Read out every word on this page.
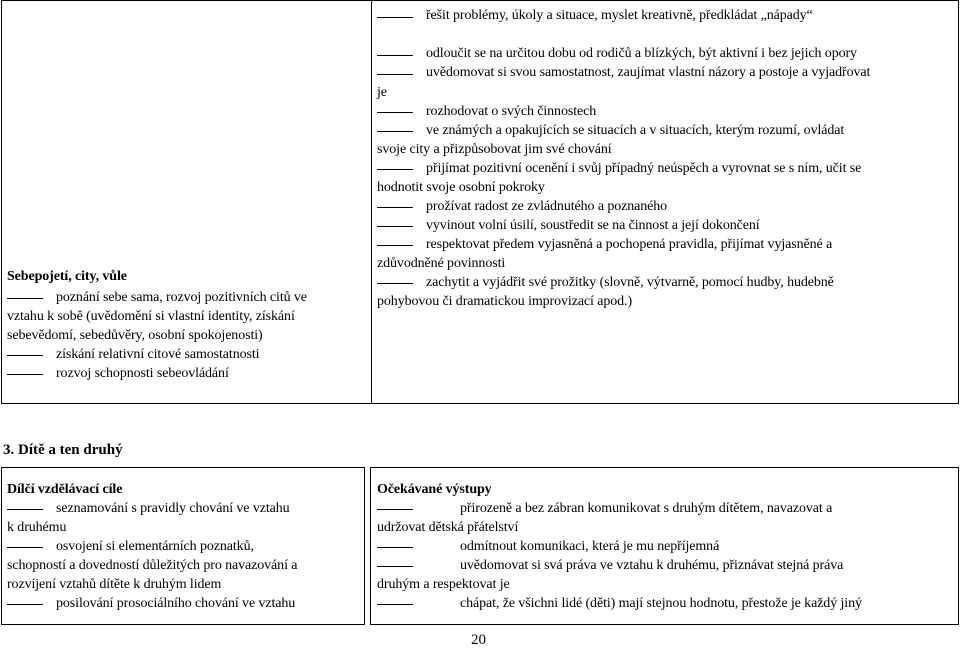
Sebepojetí, city, vůle
poznání sebe sama, rozvoj pozitivních citů ve
vztahu k sobě (uvědomění si vlastní identity, získání
sebevědomí, sebedůvěry, osobní spokojenosti)
získání relativní citové samostatnosti
rozvoj schopnosti sebeovládání
řešit problémy, úkoly a situace, myslet kreativně, předkládat „nápady“
odloučit se na určitou dobu od rodičů a blízkých, být aktivní i bez jejich opory
uvědomovat si svou samostatnost, zaujímat vlastní názory a postoje a vyjadřovat
je
rozhodovat o svých činnostech
ve známých a opakujících se situacích a v situacích, kterým rozumí, ovládat
svoje city a přizpůsobovat jim své chování
přijímat pozitivní ocenění i svůj případný neúspěch a vyrovnat se s ním, učit se
hodnotit svoje osobní pokroky
prožívat radost ze zvládnutého a poznaného
vyvinout volní úsilí, soustředit se na činnost a její dokončení
respektovat předem vyjasněná a pochopená pravidla, přijímat vyjasněné a
zdůvodněné povinnosti
zachytit a vyjádřit své prožitky (slovně, výtvarně, pomocí hudby, hudebně
pohybovou či dramatickou improvizací apod.)
3. Dítě a ten druhý
Dílčí vzdělávací cíle
seznamování s pravidly chování ve vztahu
k druhému
osvojení si elementárních poznatků,
schopností a dovedností důležitých pro navazování a
rozvíjení vztahů dítěte k druhým lidem
posilování prosociálního chování ve vztahu
Očekávané výstupy
přirozeně a bez zábran komunikovat s druhým dítětem, navazovat a
udržovat dětská přátelství
odmítnout komunikaci, která je mu nepříjemná
uvědomovat si svá práva ve vztahu k druhému, přiznávat stejná práva
druhým a respektovat je
chápat, že všichni lidé (děti) mají stejnou hodnotu, přestože je každý jiný
20
